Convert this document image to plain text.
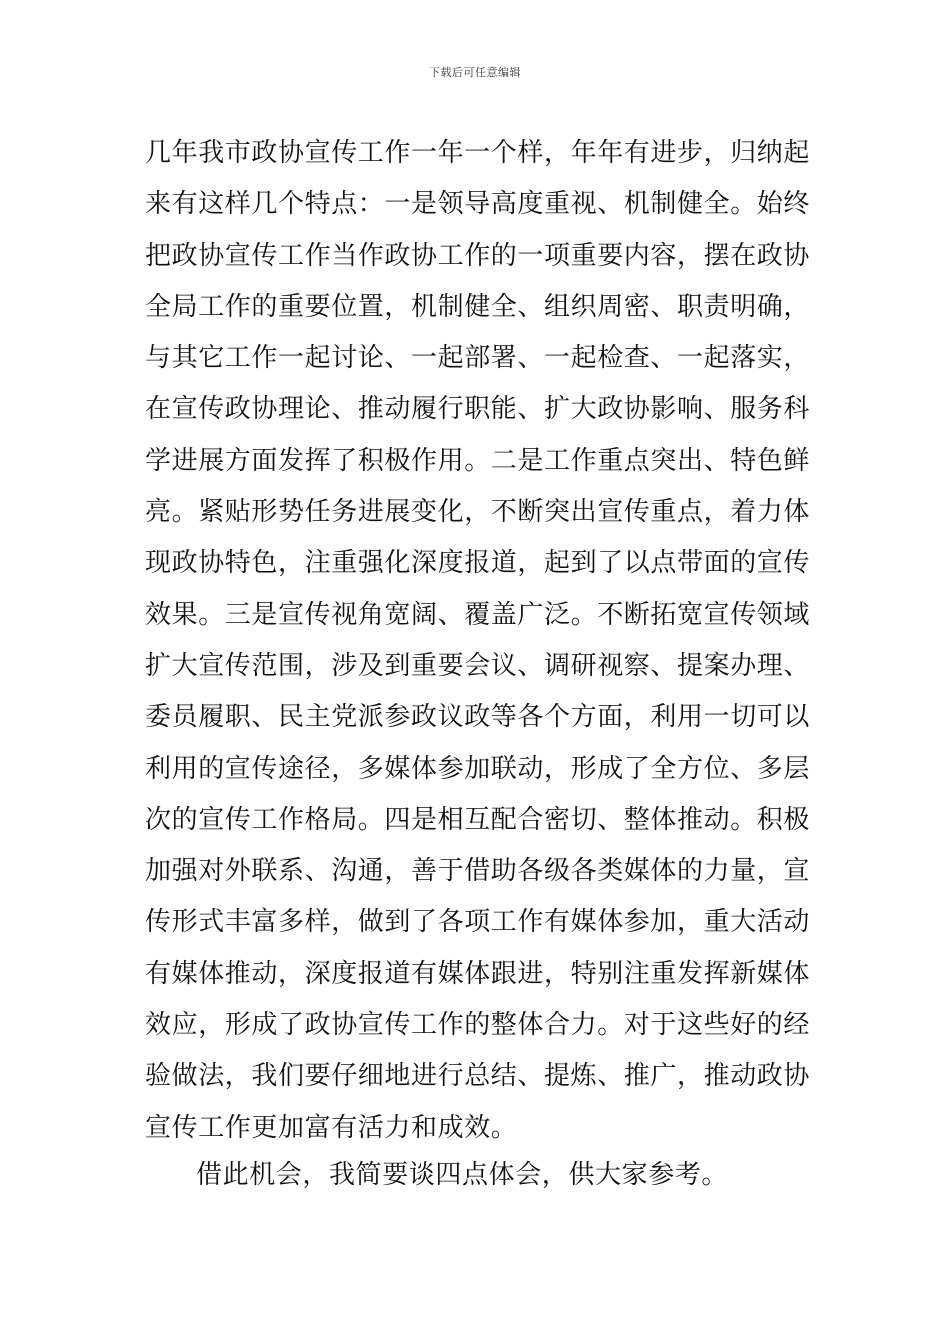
下载后可任意编辑
几年我市政协宣传工作一年一个样，年年有进步，归纳起
来有这样几个特点：一是领导高度重视、机制健全。始终
把政协宣传工作当作政协工作的一项重要内容，摆在政协
全局工作的重要位置，机制健全、组织周密、职责明确，
与其它工作一起讨论、一起部署、一起检查、一起落实，
在宣传政协理论、推动履行职能、扩大政协影响、服务科
学进展方面发挥了积极作用。二是工作重点突出、特色鲜
亮。紧贴形势任务进展变化，不断突出宣传重点，着力体
现政协特色，注重强化深度报道，起到了以点带面的宣传
效果。三是宣传视角宽阔、覆盖广泛。不断拓宽宣传领域
扩大宣传范围，涉及到重要会议、调研视察、提案办理、
委员履职、民主党派参政议政等各个方面，利用一切可以
利用的宣传途径，多媒体参加联动，形成了全方位、多层
次的宣传工作格局。四是相互配合密切、整体推动。积极
加强对外联系、沟通，善于借助各级各类媒体的力量，宣
传形式丰富多样，做到了各项工作有媒体参加，重大活动
有媒体推动，深度报道有媒体跟进，特别注重发挥新媒体
效应，形成了政协宣传工作的整体合力。对于这些好的经
验做法，我们要仔细地进行总结、提炼、推广，推动政协
宣传工作更加富有活力和成效。

借此机会，我简要谈四点体会，供大家参考。
